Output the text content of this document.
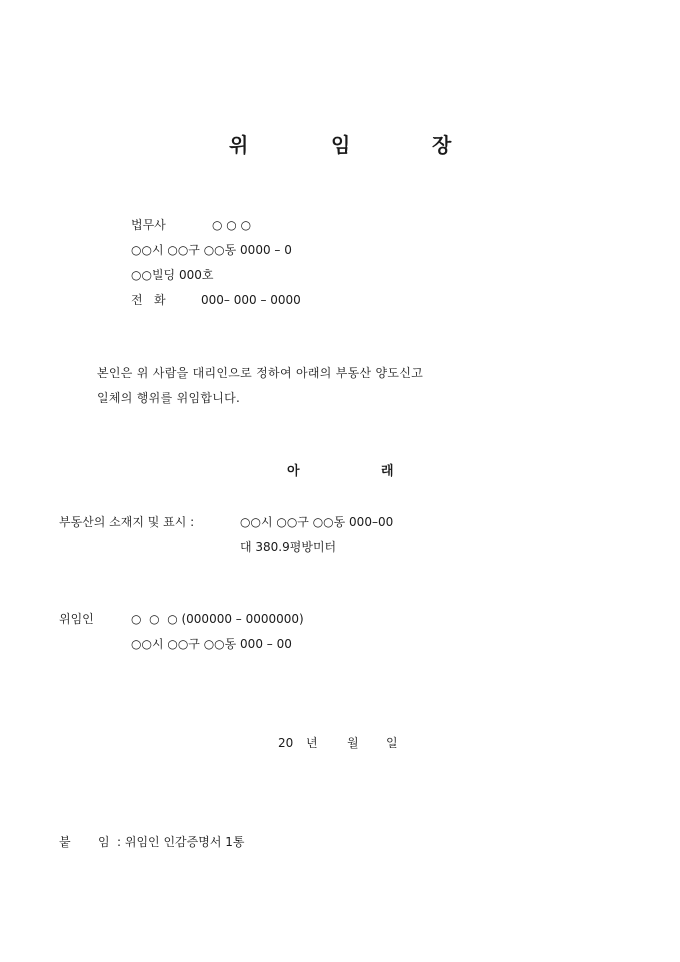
위	임	장
법무사	○ ○ ○
○○시 ○○구 ○○동 0000 – 0
○○빌딩 000호
전   화	000– 000 – 0000
본인은 위 사람을 대리인으로 정하여 아래의 부동산 양도신고
일체의 행위를 위임합니다.
아	래
부동산의 소재지 및 표시 :	○○시 ○○구 ○○동 000–00
대 380.9평방미터
위임인	○  ○  ○ (000000 – 0000000)
○○시 ○○구 ○○동 000 – 00
20 년 월 일
붙 임 : 위임인 인감증명서 1통
